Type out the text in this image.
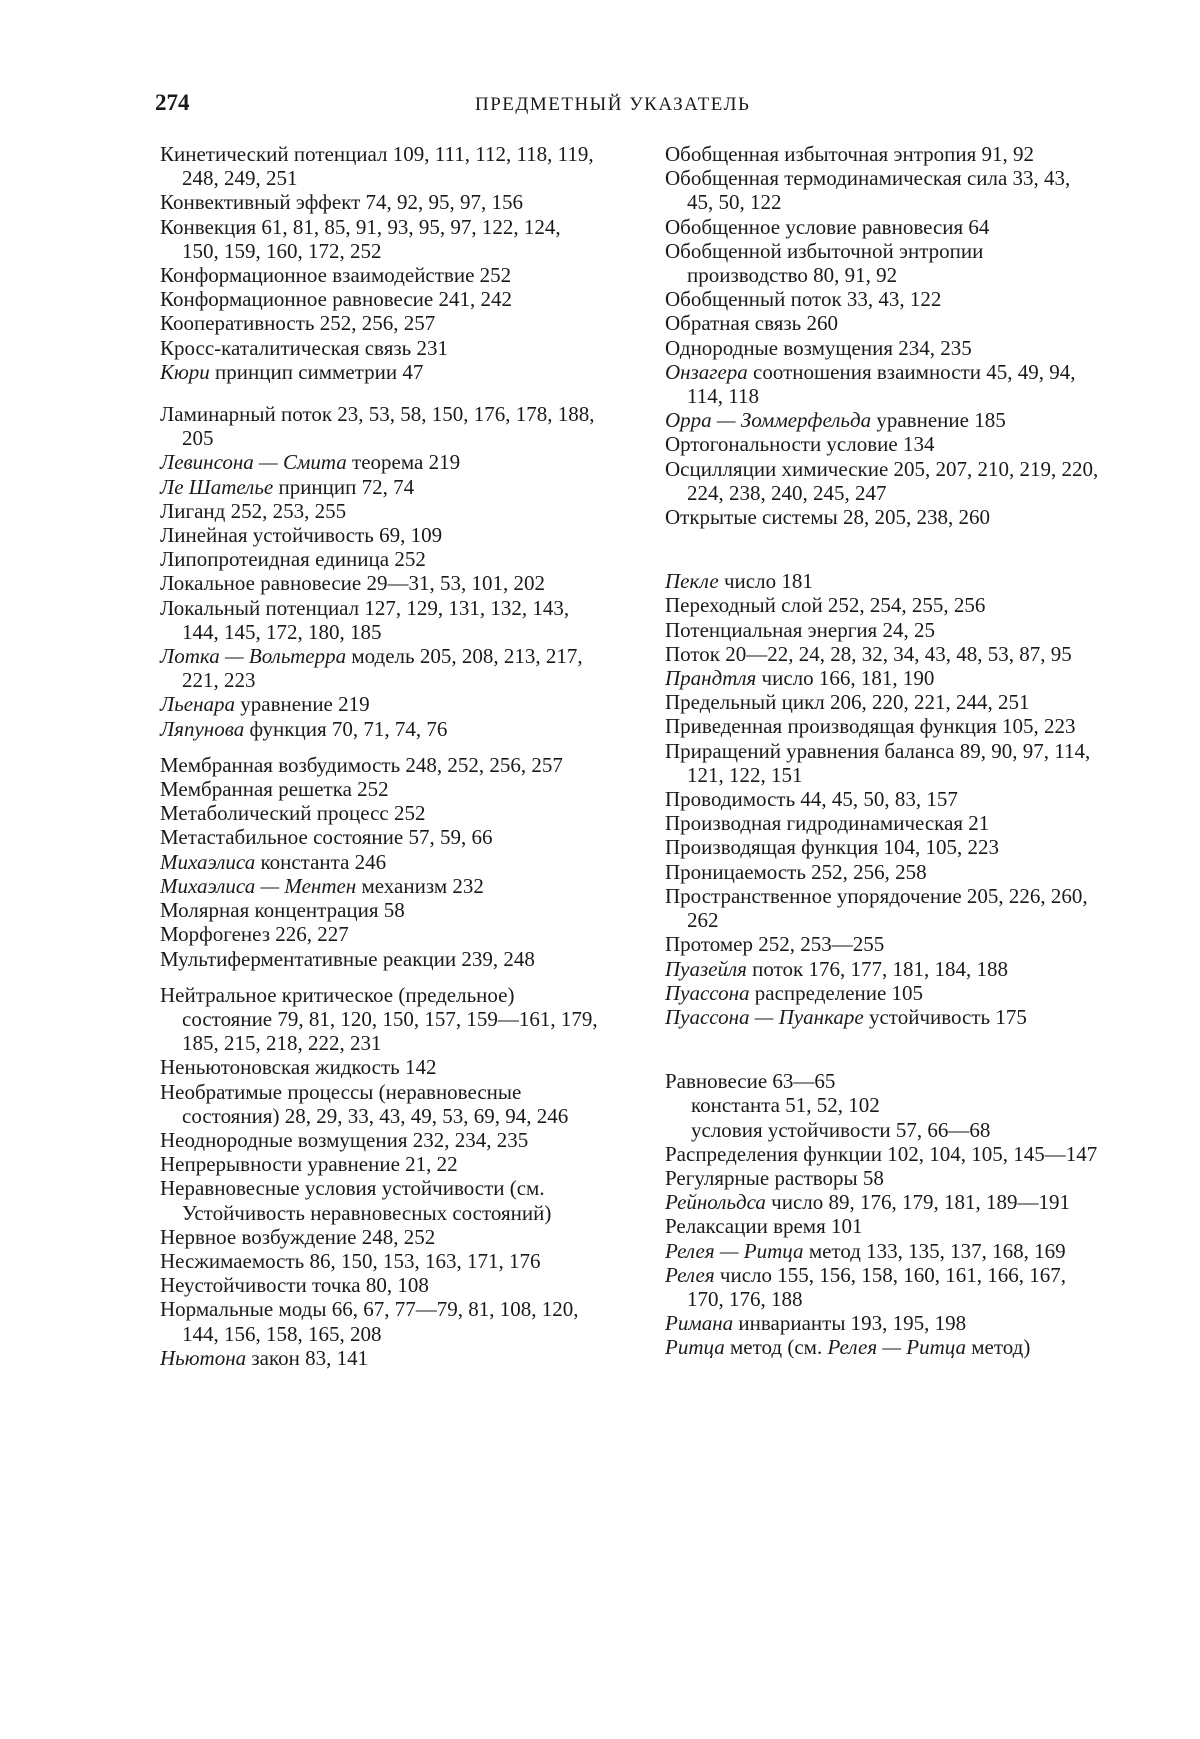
274	ПРЕДМЕТНЫЙ УКАЗАТЕЛЬ

Кинетический потенциал 109, 111, 112, 118, 119, 248, 249, 251

Конвективный эффект 74, 92, 95, 97, 156

Конвекция 61, 81, 85, 91, 93, 95, 97, 122, 124, 150, 159, 160, 172, 252

Конформационное взаимодействие 252

Конформационное равновесие 241, 242

Кооперативность 252, 256, 257

Кросс-каталитическая связь 231

Кюри принцип симметрии 47

Ламинарный поток 23, 53, 58, 150, 176, 178, 188, 205

Левинсона — Смита теорема 219

Ле Шателье принцип 72, 74

Лиганд 252, 253, 255

Линейная устойчивость 69, 109

Липопротеидная единица 252

Локальное равновесие 29—31, 53, 101, 202

Локальный потенциал 127, 129, 131, 132, 143, 144, 145, 172, 180, 185

Лотка — Вольтерра модель 205, 208, 213, 217, 221, 223

Льенара уравнение 219

Ляпунова функция 70, 71, 74, 76

Мембранная возбудимость 248, 252, 256, 257

Мембранная решетка 252

Метаболический процесс 252

Метастабильное состояние 57, 59, 66

Михаэлиса константа 246

Михаэлиса — Ментен механизм 232

Молярная концентрация 58

Морфогенез 226, 227

Мультиферментативные реакции 239, 248

Нейтральное критическое (предельное) состояние 79, 81, 120, 150, 157, 159—161, 179, 185, 215, 218, 222, 231

Неньютоновская жидкость 142

Необратимые процессы (неравновесные состояния) 28, 29, 33, 43, 49, 53, 69, 94, 246

Неоднородные возмущения 232, 234, 235

Непрерывности уравнение 21, 22

Неравновесные условия устойчивости (см. Устойчивость неравновесных состояний)

Нервное возбуждение 248, 252

Несжимаемость 86, 150, 153, 163, 171, 176

Неустойчивости точка 80, 108

Нормальные моды 66, 67, 77—79, 81, 108, 120, 144, 156, 158, 165, 208

Ньютона закон 83, 141

Обобщенная избыточная энтропия 91, 92

Обобщенная термодинамическая сила 33, 43, 45, 50, 122

Обобщенное условие равновесия 64

Обобщенной избыточной энтропии производство 80, 91, 92

Обобщенный поток 33, 43, 122

Обратная связь 260

Однородные возмущения 234, 235

Онзагера соотношения взаимности 45, 49, 94, 114, 118

Орра — Зоммерфельда уравнение 185

Ортогональности условие 134

Осцилляции химические 205, 207, 210, 219, 220, 224, 238, 240, 245, 247

Открытые системы 28, 205, 238, 260

Пекле число 181

Переходный слой 252, 254, 255, 256

Потенциальная энергия 24, 25

Поток 20—22, 24, 28, 32, 34, 43, 48, 53, 87, 95

Прандтля число 166, 181, 190

Предельный цикл 206, 220, 221, 244, 251

Приведенная производящая функция 105, 223

Приращений уравнения баланса 89, 90, 97, 114, 121, 122, 151

Проводимость 44, 45, 50, 83, 157

Производная гидродинамическая 21

Производящая функция 104, 105, 223

Проницаемость 252, 256, 258

Пространственное упорядочение 205, 226, 260, 262

Протомер 252, 253—255

Пуазейля поток 176, 177, 181, 184, 188

Пуассона распределение 105

Пуассона — Пуанкаре устойчивость 175

Равновесие 63—65

константа 51, 52, 102

условия устойчивости 57, 66—68

Распределения функции 102, 104, 105, 145—147

Регулярные растворы 58

Рейнольдса число 89, 176, 179, 181, 189—191

Релаксации время 101

Релея — Ритца метод 133, 135, 137, 168, 169

Релея число 155, 156, 158, 160, 161, 166, 167, 170, 176, 188

Римана инварианты 193, 195, 198

Ритца метод (см. Релея — Ритца метод)
